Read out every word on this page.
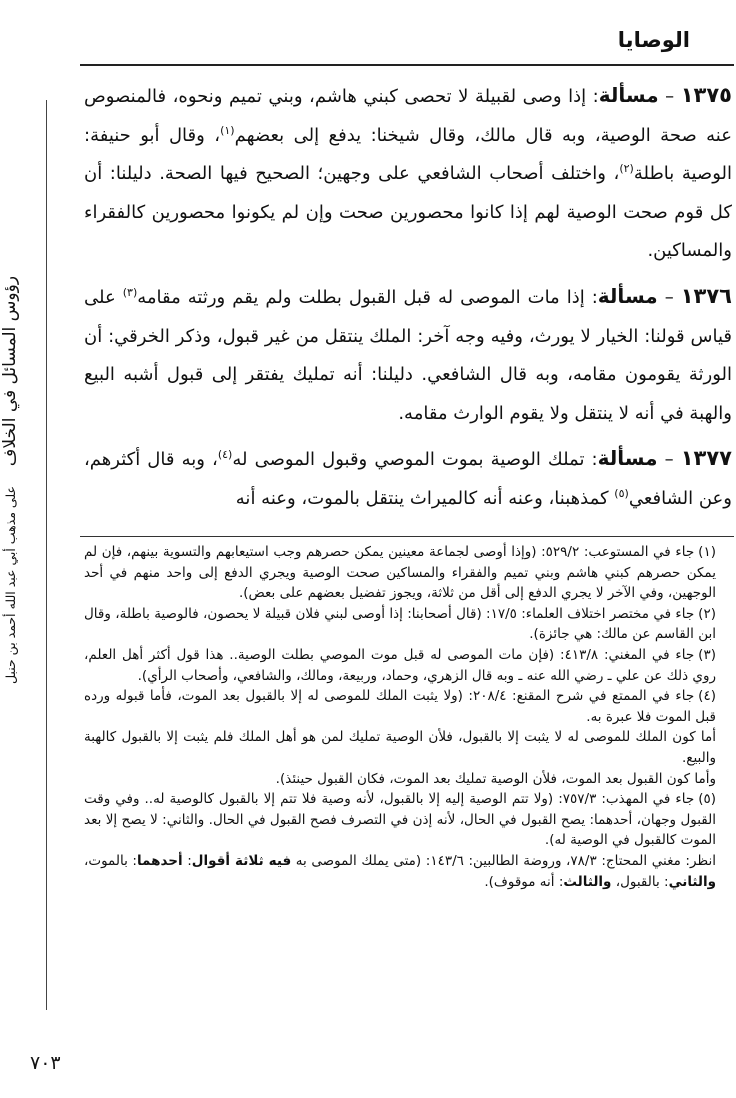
الوصايا
رؤوس المسائل في الخلاف     على مذهب أبي عبد الله أحمد بن حنبل

١٣٧٥ – مسألة: إذا وصى لقبيلة لا تحصى كبني هاشم، وبني تميم ونحوه، فالمنصوص عنه صحة الوصية، وبه قال مالك، وقال شيخنا: يدفع إلى بعضهم$^{(١)}$، وقال أبو حنيفة: الوصية باطلة$^{(٢)}$، واختلف أصحاب الشافعي على وجهين؛ الصحيح فيها الصحة. دليلنا: أن كل قوم صحت الوصية لهم إذا كانوا محصورين صحت وإن لم يكونوا محصورين كالفقراء والمساكين.

١٣٧٦ – مسألة: إذا مات الموصى له قبل القبول بطلت ولم يقم ورثته مقامه$^{(٣)}$ على قياس قولنا: الخيار لا يورث، وفيه وجه آخر: الملك ينتقل من غير قبول، وذكر الخرقي: أن الورثة يقومون مقامه، وبه قال الشافعي. دليلنا: أنه تمليك يفتقر إلى قبول أشبه البيع والهبة في أنه لا ينتقل ولا يقوم الوارث مقامه.

١٣٧٧ – مسألة: تملك الوصية بموت الموصي وقبول الموصى له$^{(٤)}$، وبه قال أكثرهم، وعن الشافعي$^{(٥)}$ كمذهبنا، وعنه أنه كالميراث ينتقل بالموت، وعنه أنه

(١)جاء في المستوعب: ٥٢٩/٢: (وإذا أوصى لجماعة معينين يمكن حصرهم وجب استيعابهم والتسوية بينهم، فإن لم يمكن حصرهم كبني هاشم وبني تميم والفقراء والمساكين صحت الوصية ويجري الدفع إلى واحد منهم في أحد الوجهين، وفي الآخر لا يجري الدفع إلى أقل من ثلاثة، ويجوز تفضيل بعضهم على بعض).

(٢)جاء في مختصر اختلاف العلماء: ١٧/٥: (قال أصحابنا: إذا أوصى لبني فلان قبيلة لا يحصون، فالوصية باطلة، وقال ابن القاسم عن مالك: هي جائزة).

(٣)جاء في المغني: ٤١٣/٨: (فإن مات الموصى له قبل موت الموصي بطلت الوصية.. هذا قول أكثر أهل العلم، روي ذلك عن علي ـ رضي الله عنه ـ وبه قال الزهري، وحماد، وربيعة، ومالك، والشافعي، وأصحاب الرأي).

(٤)جاء في الممتع في شرح المقنع: ٢٠٨/٤: (ولا يثبت الملك للموصى له إلا بالقبول بعد الموت، فأما قبوله ورده قبل الموت فلا عبرة به.

أما كون الملك للموصى له لا يثبت إلا بالقبول، فلأن الوصية تمليك لمن هو أهل الملك فلم يثبت إلا بالقبول كالهبة والبيع.

وأما كون القبول بعد الموت، فلأن الوصية تمليك بعد الموت، فكان القبول حينئذ).

(٥)جاء في المهذب: ٧٥٧/٣: (ولا تتم الوصية إليه إلا بالقبول، لأنه وصية فلا تتم إلا بالقبول كالوصية له.. وفي وقت القبول وجهان، أحدهما: يصح القبول في الحال، لأنه إذن في التصرف فصح القبول في الحال. والثاني: لا يصح إلا بعد الموت كالقبول في الوصية له).

انظر: مغني المحتاج: ٧٨/٣، وروضة الطالبين: ١٤٣/٦: (متى يملك الموصى به فيه ثلاثة أقوال: أحدهما: بالموت، والثاني: بالقبول، والثالث: أنه موقوف).

٧٠٣
